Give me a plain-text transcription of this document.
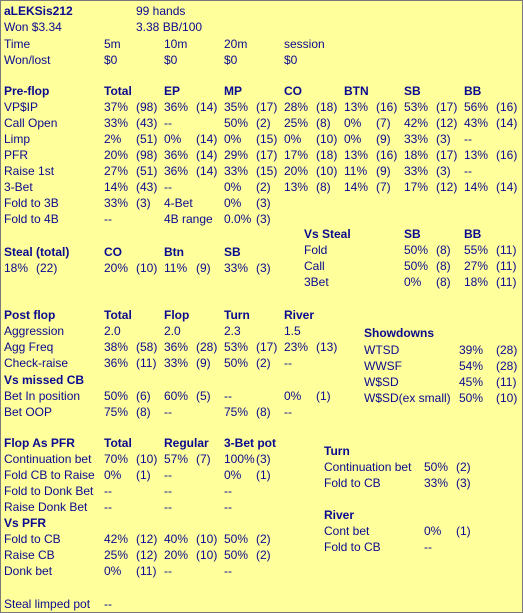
aLEKSis212	99 hands
Won $3.34	3.38 BB/100
Time	5m	10m	20m	session
Won/lost	$0	$0	$0	$0
Pre-flop	Total	EP	MP	CO	BTN	SB	BB
VP$IP	37% (98) 36% (14) 35% (17) 28% (18) 13% (16) 53% (17) 56% (16)
Call Open	33% (43) --	50% (2) 25% (8) 0% (7) 42% (12) 43% (14)
Limp	2% (51) 0% (14) 0% (15) 0% (10) 0% (9) 33% (3) --
PFR	20% (98) 36% (14) 29% (17) 17% (18) 13% (16) 18% (17) 13% (16)
Raise 1st	27% (51) 36% (14) 33% (15) 20% (10) 11% (9) 33% (3) --
3-Bet	14% (43) --	0% (2) 13% (8) 14% (7) 17% (12) 14% (14)
Fold to 3B	33% (3) 4-Bet	0% (3)
Fold to 4B	--	4B range 0.0% (3)
Vs Steal	SB	BB
Fold	50% (8) 55% (11)
Call	50% (8) 27% (11)
3Bet	0% (8) 18% (11)
Steal (total)	CO	Btn	SB
18% (22)	20% (10) 11% (9) 33% (3)
Post flop	Total	Flop	Turn	River
Aggression	2.0	2.0	2.3	1.5
Agg Freq	38% (58) 36% (28) 53% (17) 23% (13)
Check-raise	36% (11) 33% (9) 50% (2) --
Vs missed CB
Bet In position 50% (6) 60% (5) --	0% (1)
Bet OOP	75% (8) --	75% (8) --
Showdowns
WTSD	39% (28)
WWSF	54% (28)
W$SD	45% (11)
W$SD(ex small) 50% (10)
Flop As PFR Total	Regular 3-Bet pot
Continuation bet 70% (10) 57% (7) 100% (3)
Fold CB to Raise 0% (1) --	0% (1)
Fold to Donk Bet --	--	--
Raise Donk Bet --	--	--
Vs PFR
Fold to CB	42% (12) 40% (10) 50% (2)
Raise CB	25% (12) 20% (10) 50% (2)
Donk bet	0% (11) --	--
Turn
Continuation bet 50% (2)
Fold to CB	33% (3)
River
Cont bet	0% (1)
Fold to CB	--
Steal limped pot --
